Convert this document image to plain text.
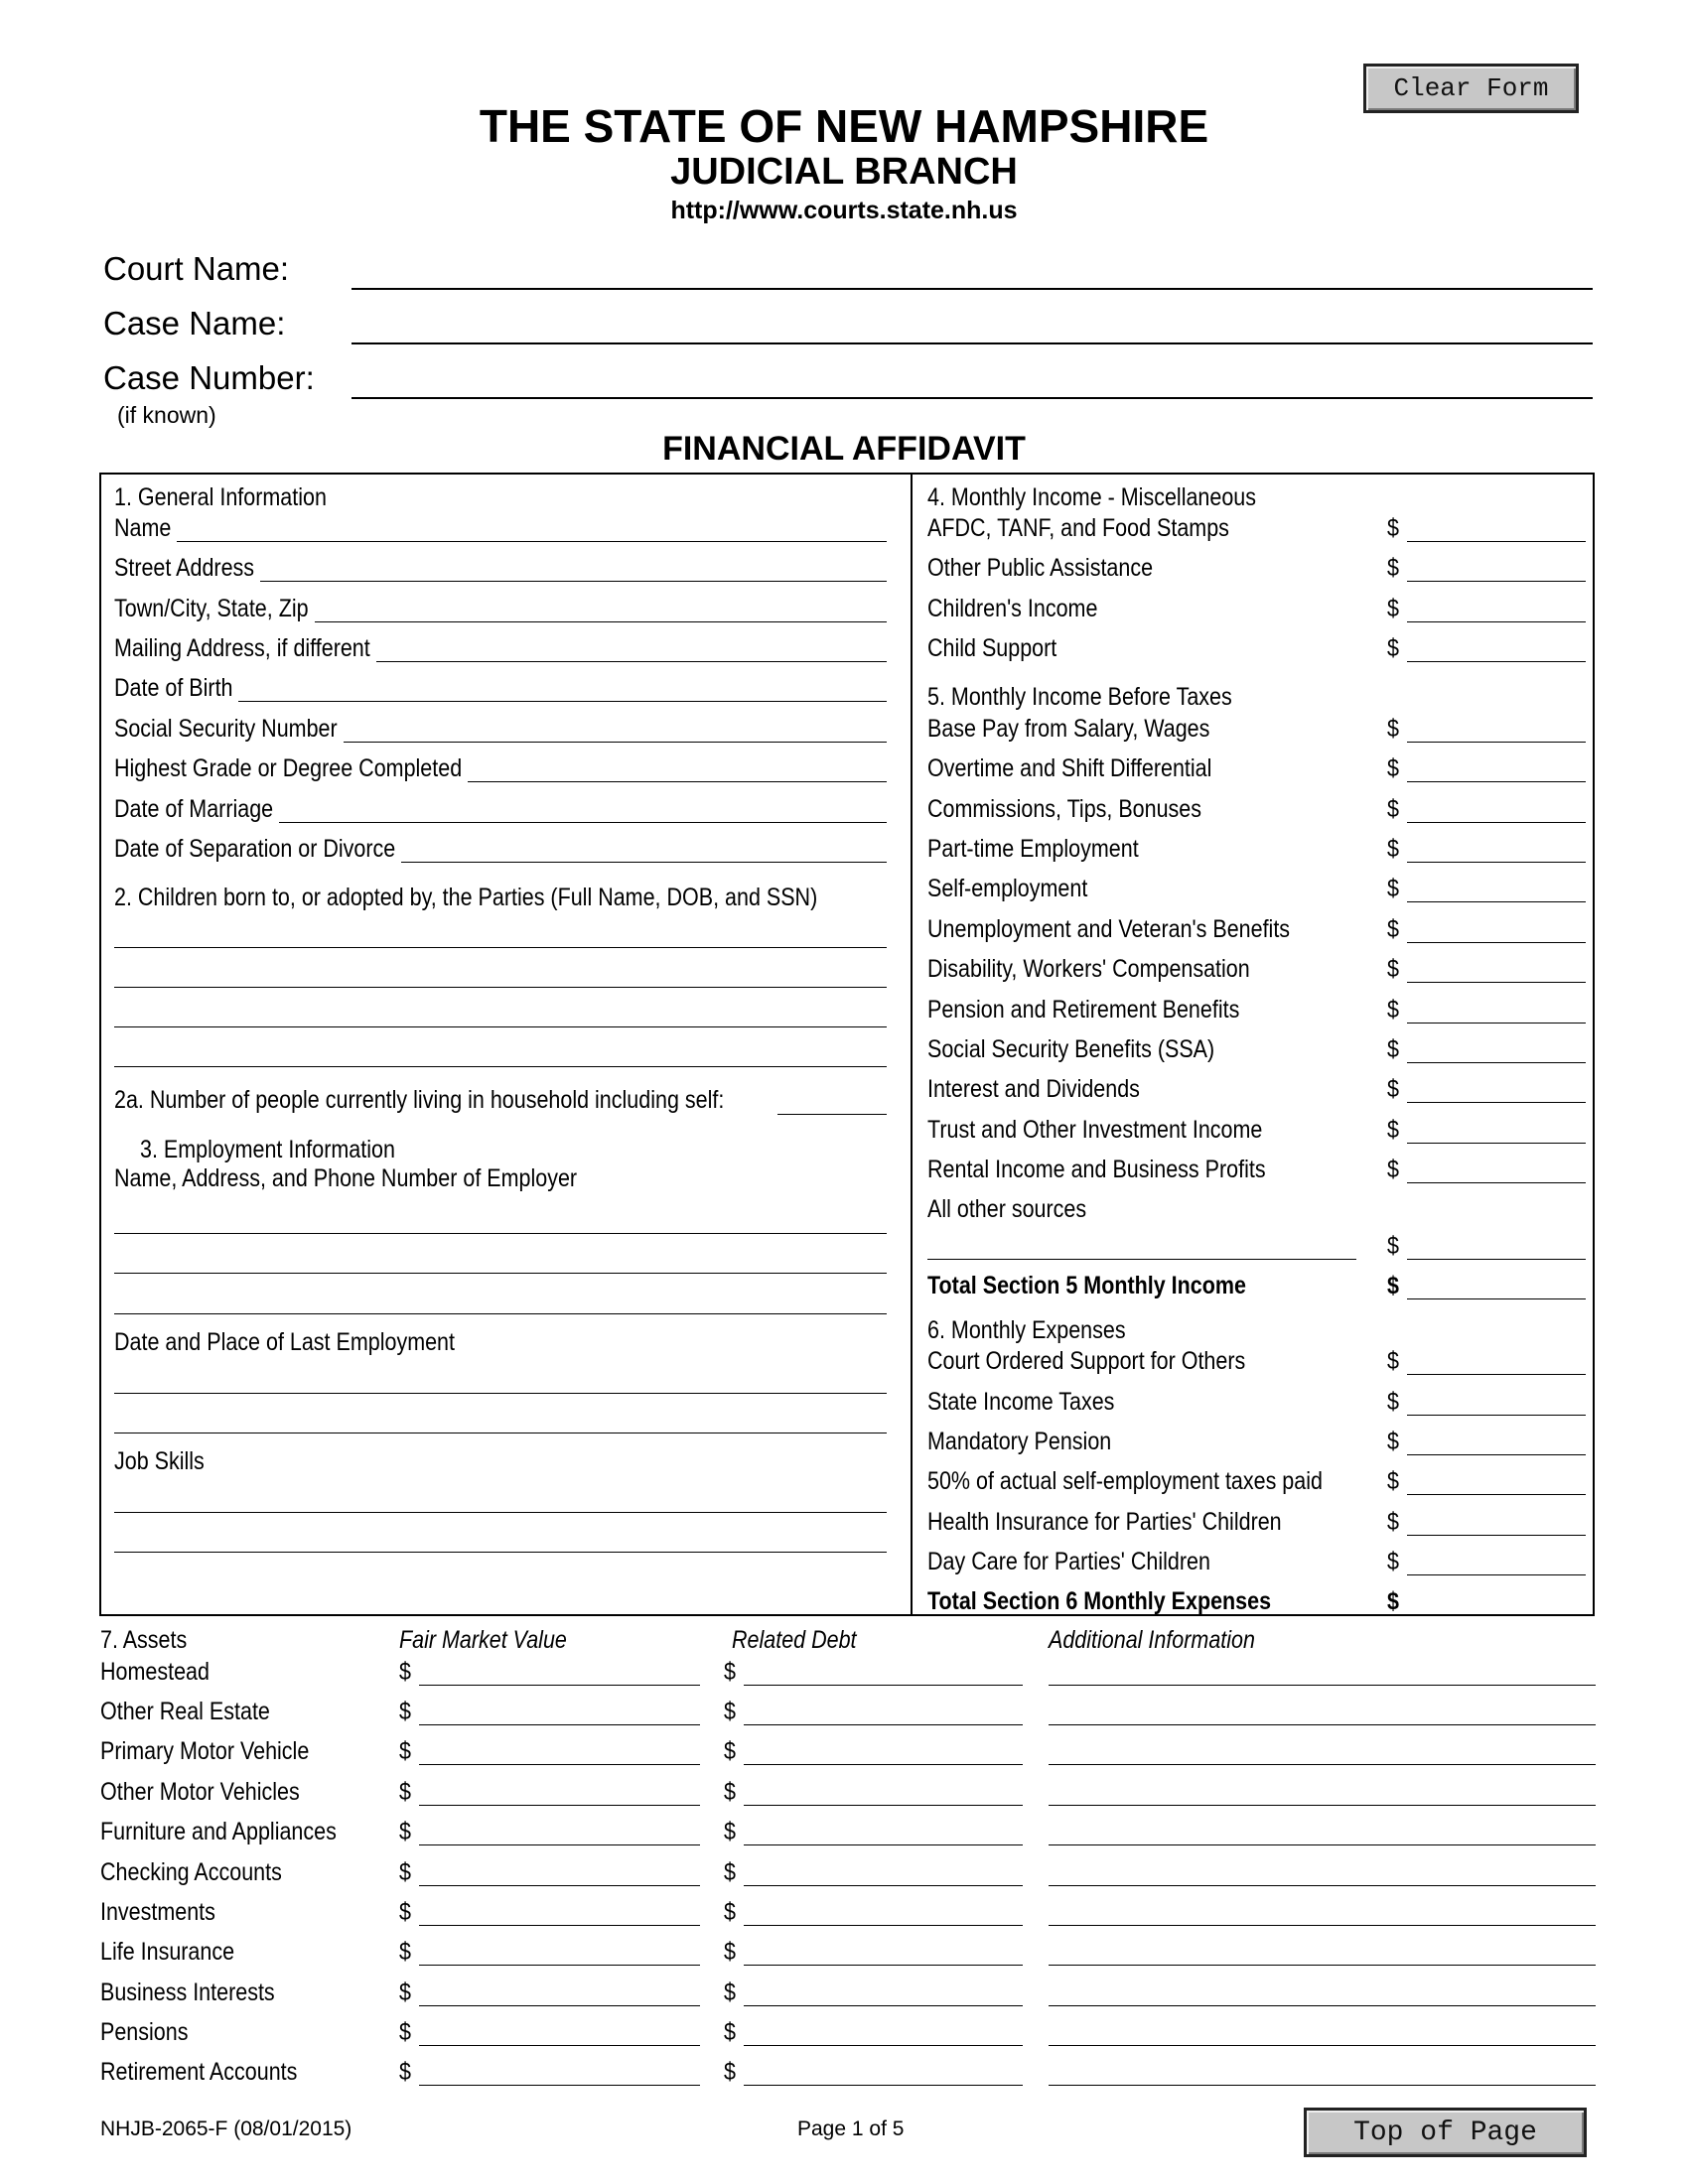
Clear Form
THE STATE OF NEW HAMPSHIRE
JUDICIAL BRANCH
http://www.courts.state.nh.us
Court Name:
Case Name:
Case Number:
(if known)
FINANCIAL AFFIDAVIT
1. General Information
Name
Street Address
Town/City, State, Zip
Mailing Address, if different
Date of Birth
Social Security Number
Highest Grade or Degree Completed
Date of Marriage
Date of Separation or Divorce
2. Children born to, or adopted by, the Parties (Full Name, DOB, and SSN)
2a. Number of people currently living in household including self:
3. Employment Information
Name, Address, and Phone Number of Employer
Date and Place of Last Employment
Job Skills
4. Monthly Income - Miscellaneous
AFDC, TANF, and Food Stamps	$
Other Public Assistance	$
Children's Income	$
Child Support	$
5. Monthly Income Before Taxes
Base Pay from Salary, Wages	$
Overtime and Shift Differential	$
Commissions, Tips, Bonuses	$
Part-time Employment	$
Self-employment	$
Unemployment and Veteran's Benefits	$
Disability, Workers' Compensation	$
Pension and Retirement Benefits	$
Social Security Benefits (SSA)	$
Interest and Dividends	$
Trust and Other Investment Income	$
Rental Income and Business Profits	$
All other sources
$
Total Section 5 Monthly Income	$
6. Monthly Expenses
Court Ordered Support for Others	$
State Income Taxes	$
Mandatory Pension	$
50% of actual self-employment taxes paid	$
Health Insurance for Parties' Children	$
Day Care for Parties' Children	$
Total Section 6 Monthly Expenses	$
7. Assets	Fair Market Value	Related Debt	Additional Information
Homestead	$	$
Other Real Estate	$	$
Primary Motor Vehicle	$	$
Other Motor Vehicles	$	$
Furniture and Appliances	$	$
Checking Accounts	$	$
Investments	$	$
Life Insurance	$	$
Business Interests	$	$
Pensions	$	$
Retirement Accounts	$	$
NHJB-2065-F (08/01/2015)	Page 1 of 5	Top of Page
